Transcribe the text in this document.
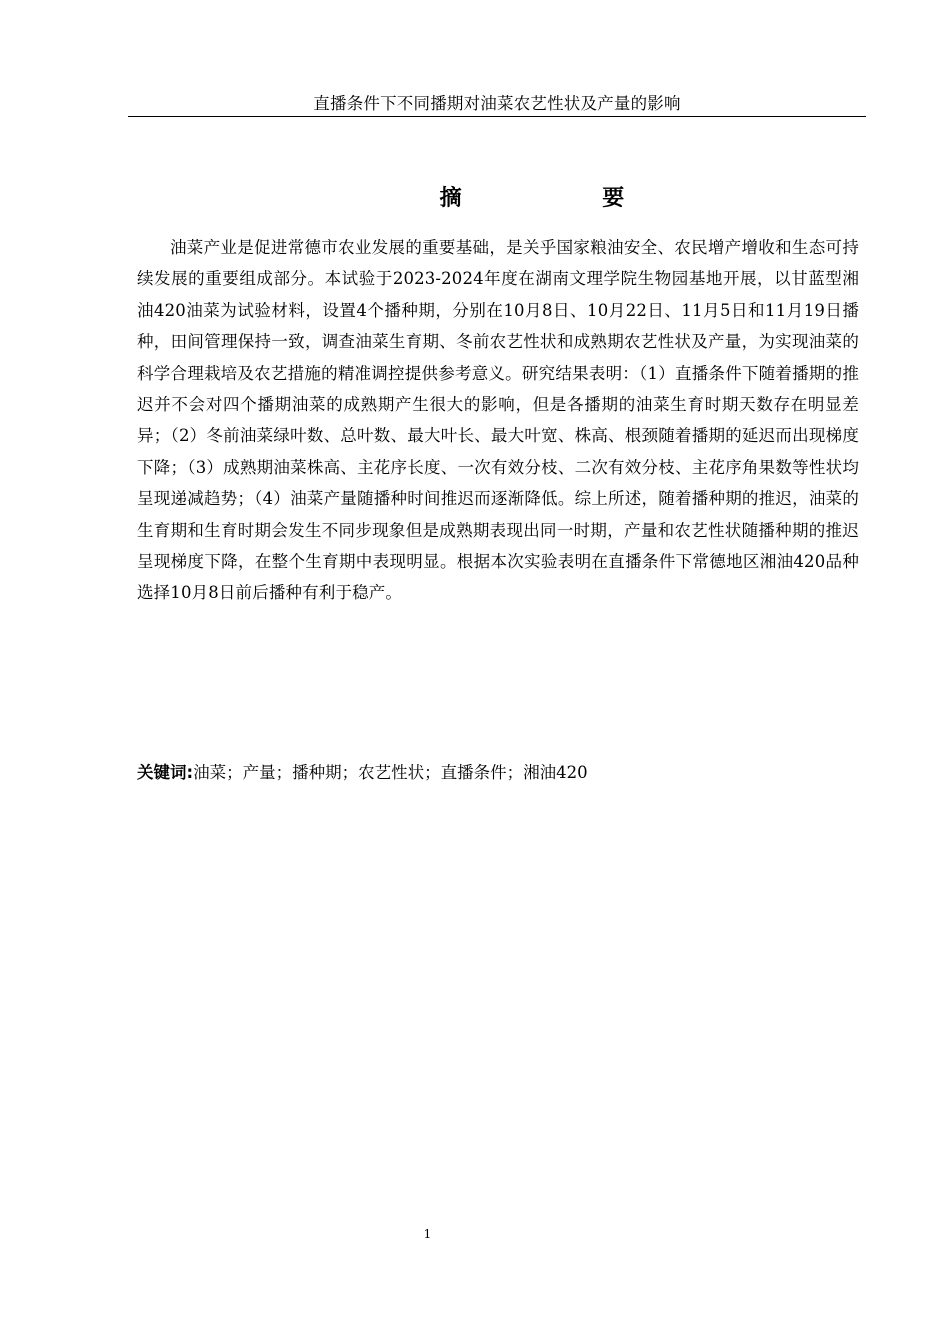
直播条件下不同播期对油菜农艺性状及产量的影响
摘    要

油菜产业是促进常德市农业发展的重要基础，是关乎国家粮油安全、农民增产增收和生态可持续发展的重要组成部分。本试验于2023-2024年度在湖南文理学院生物园基地开展，以甘蓝型湘油420油菜为试验材料，设置4个播种期，分别在10月8日、10月22日、11月5日和11月19日播种，田间管理保持一致，调查油菜生育期、冬前农艺性状和成熟期农艺性状及产量，为实现油菜的科学合理栽培及农艺措施的精准调控提供参考意义。研究结果表明：（1）直播条件下随着播期的推迟并不会对四个播期油菜的成熟期产生很大的影响，但是各播期的油菜生育时期天数存在明显差异；（2）冬前油菜绿叶数、总叶数、最大叶长、最大叶宽、株高、根颈随着播期的延迟而出现梯度下降；（3）成熟期油菜株高、主花序长度、一次有效分枝、二次有效分枝、主花序角果数等性状均呈现递减趋势；（4）油菜产量随播种时间推迟而逐渐降低。综上所述，随着播种期的推迟，油菜的生育期和生育时期会发生不同步现象但是成熟期表现出同一时期，产量和农艺性状随播种期的推迟呈现梯度下降，在整个生育期中表现明显。根据本次实验表明在直播条件下常德地区湘油420品种选择10月8日前后播种有利于稳产。

关键词:油菜；产量；播种期；农艺性状；直播条件；湘油420
1
